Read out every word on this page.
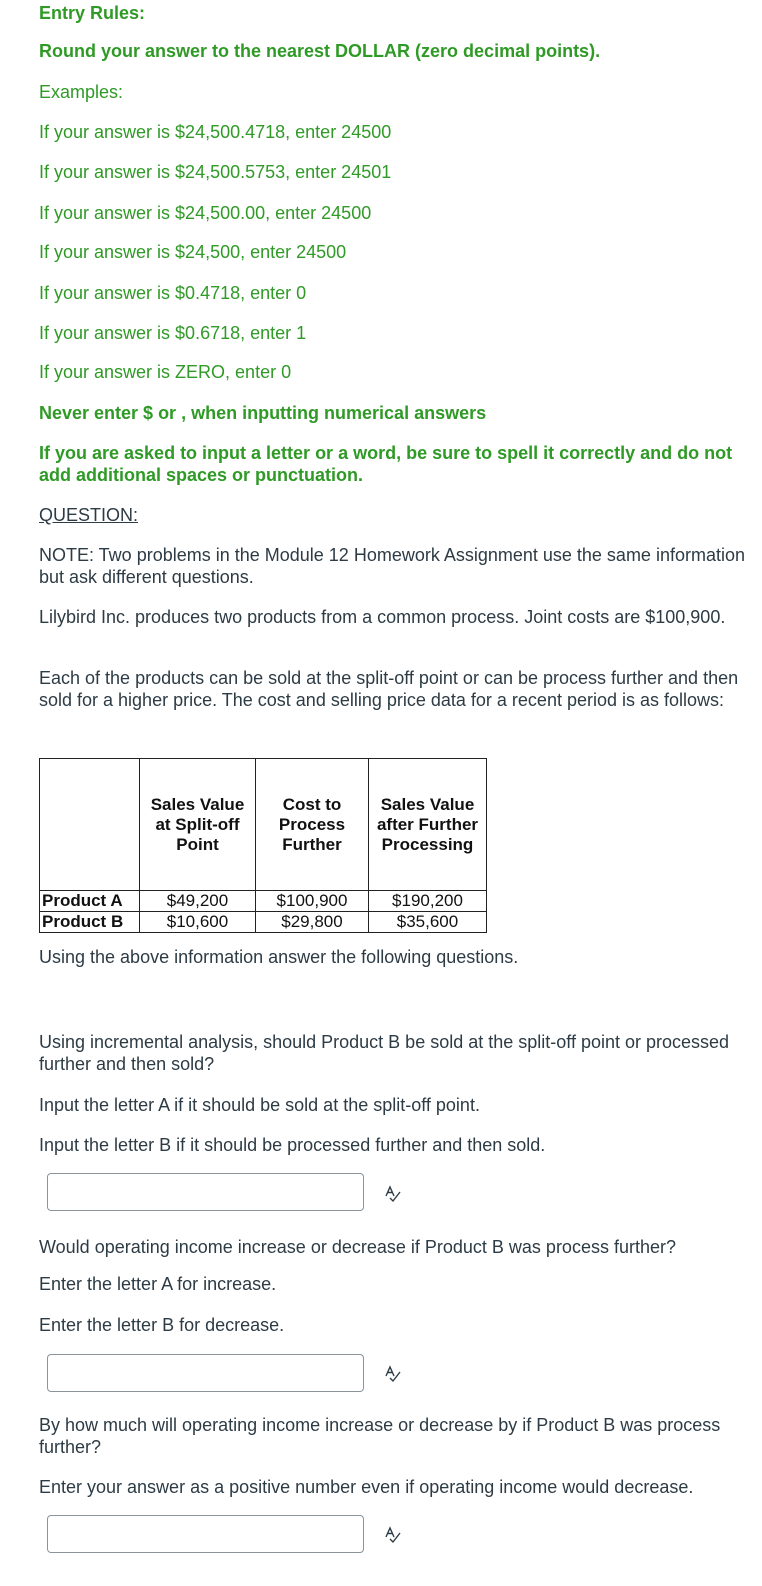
Entry Rules:
Round your answer to the nearest DOLLAR (zero decimal points).
Examples:
If your answer is $24,500.4718, enter 24500
If your answer is $24,500.5753, enter 24501
If your answer is $24,500.00, enter 24500
If your answer is $24,500, enter 24500
If your answer is $0.4718, enter 0
If your answer is $0.6718, enter 1
If your answer is ZERO, enter 0
Never enter $ or , when inputting numerical answers
If you are asked to input a letter or a word, be sure to spell it correctly and do not add additional spaces or punctuation.
QUESTION:
NOTE: Two problems in the Module 12 Homework Assignment use the same information but ask different questions.
Lilybird Inc. produces two products from a common process. Joint costs are $100,900.
Each of the products can be sold at the split-off point or can be process further and then sold for a higher price. The cost and selling price data for a recent period is as follows:
	Sales Value at Split-off Point	Cost to Process Further	Sales Value after Further Processing
Product A	$49,200	$100,900	$190,200
Product B	$10,600	$29,800	$35,600
Using the above information answer the following questions.
Using incremental analysis, should Product B be sold at the split-off point or processed further and then sold?
Input the letter A if it should be sold at the split-off point.
Input the letter B if it should be processed further and then sold.
Would operating income increase or decrease if Product B was process further?
Enter the letter A for increase.
Enter the letter B for decrease.
By how much will operating income increase or decrease by if Product B was process further?
Enter your answer as a positive number even if operating income would decrease.
